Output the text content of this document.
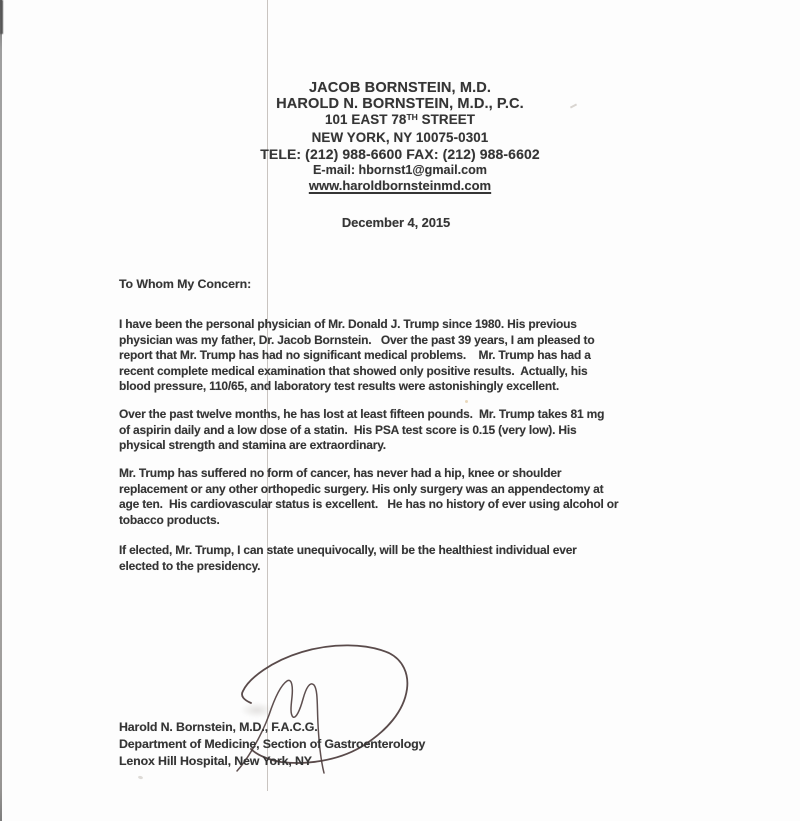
JACOB BORNSTEIN, M.D.
HAROLD N. BORNSTEIN, M.D., P.C.
101 EAST 78TH STREET
NEW YORK, NY 10075-0301
TELE: (212) 988-6600 FAX: (212) 988-6602
E-mail: hbornst1@gmail.com
www.haroldbornsteinmd.com
December 4, 2015
To Whom My Concern:
I have been the personal physician of Mr. Donald J. Trump since 1980. His previous
physician was my father, Dr. Jacob Bornstein.   Over the past 39 years, I am pleased to
report that Mr. Trump has had no significant medical problems.    Mr. Trump has had a
recent complete medical examination that showed only positive results.  Actually, his
blood pressure, 110/65, and laboratory test results were astonishingly excellent.
Over the past twelve months, he has lost at least fifteen pounds.  Mr. Trump takes 81 mg
of aspirin daily and a low dose of a statin.  His PSA test score is 0.15 (very low). His
physical strength and stamina are extraordinary.
Mr. Trump has suffered no form of cancer, has never had a hip, knee or shoulder
replacement or any other orthopedic surgery. His only surgery was an appendectomy at
age ten.  His cardiovascular status is excellent.   He has no history of ever using alcohol or
tobacco products.
If elected, Mr. Trump, I can state unequivocally, will be the healthiest individual ever
elected to the presidency.
Harold N. Bornstein, M.D., F.A.C.G.
Department of Medicine, Section of Gastroenterology
Lenox Hill Hospital, New York, NY
